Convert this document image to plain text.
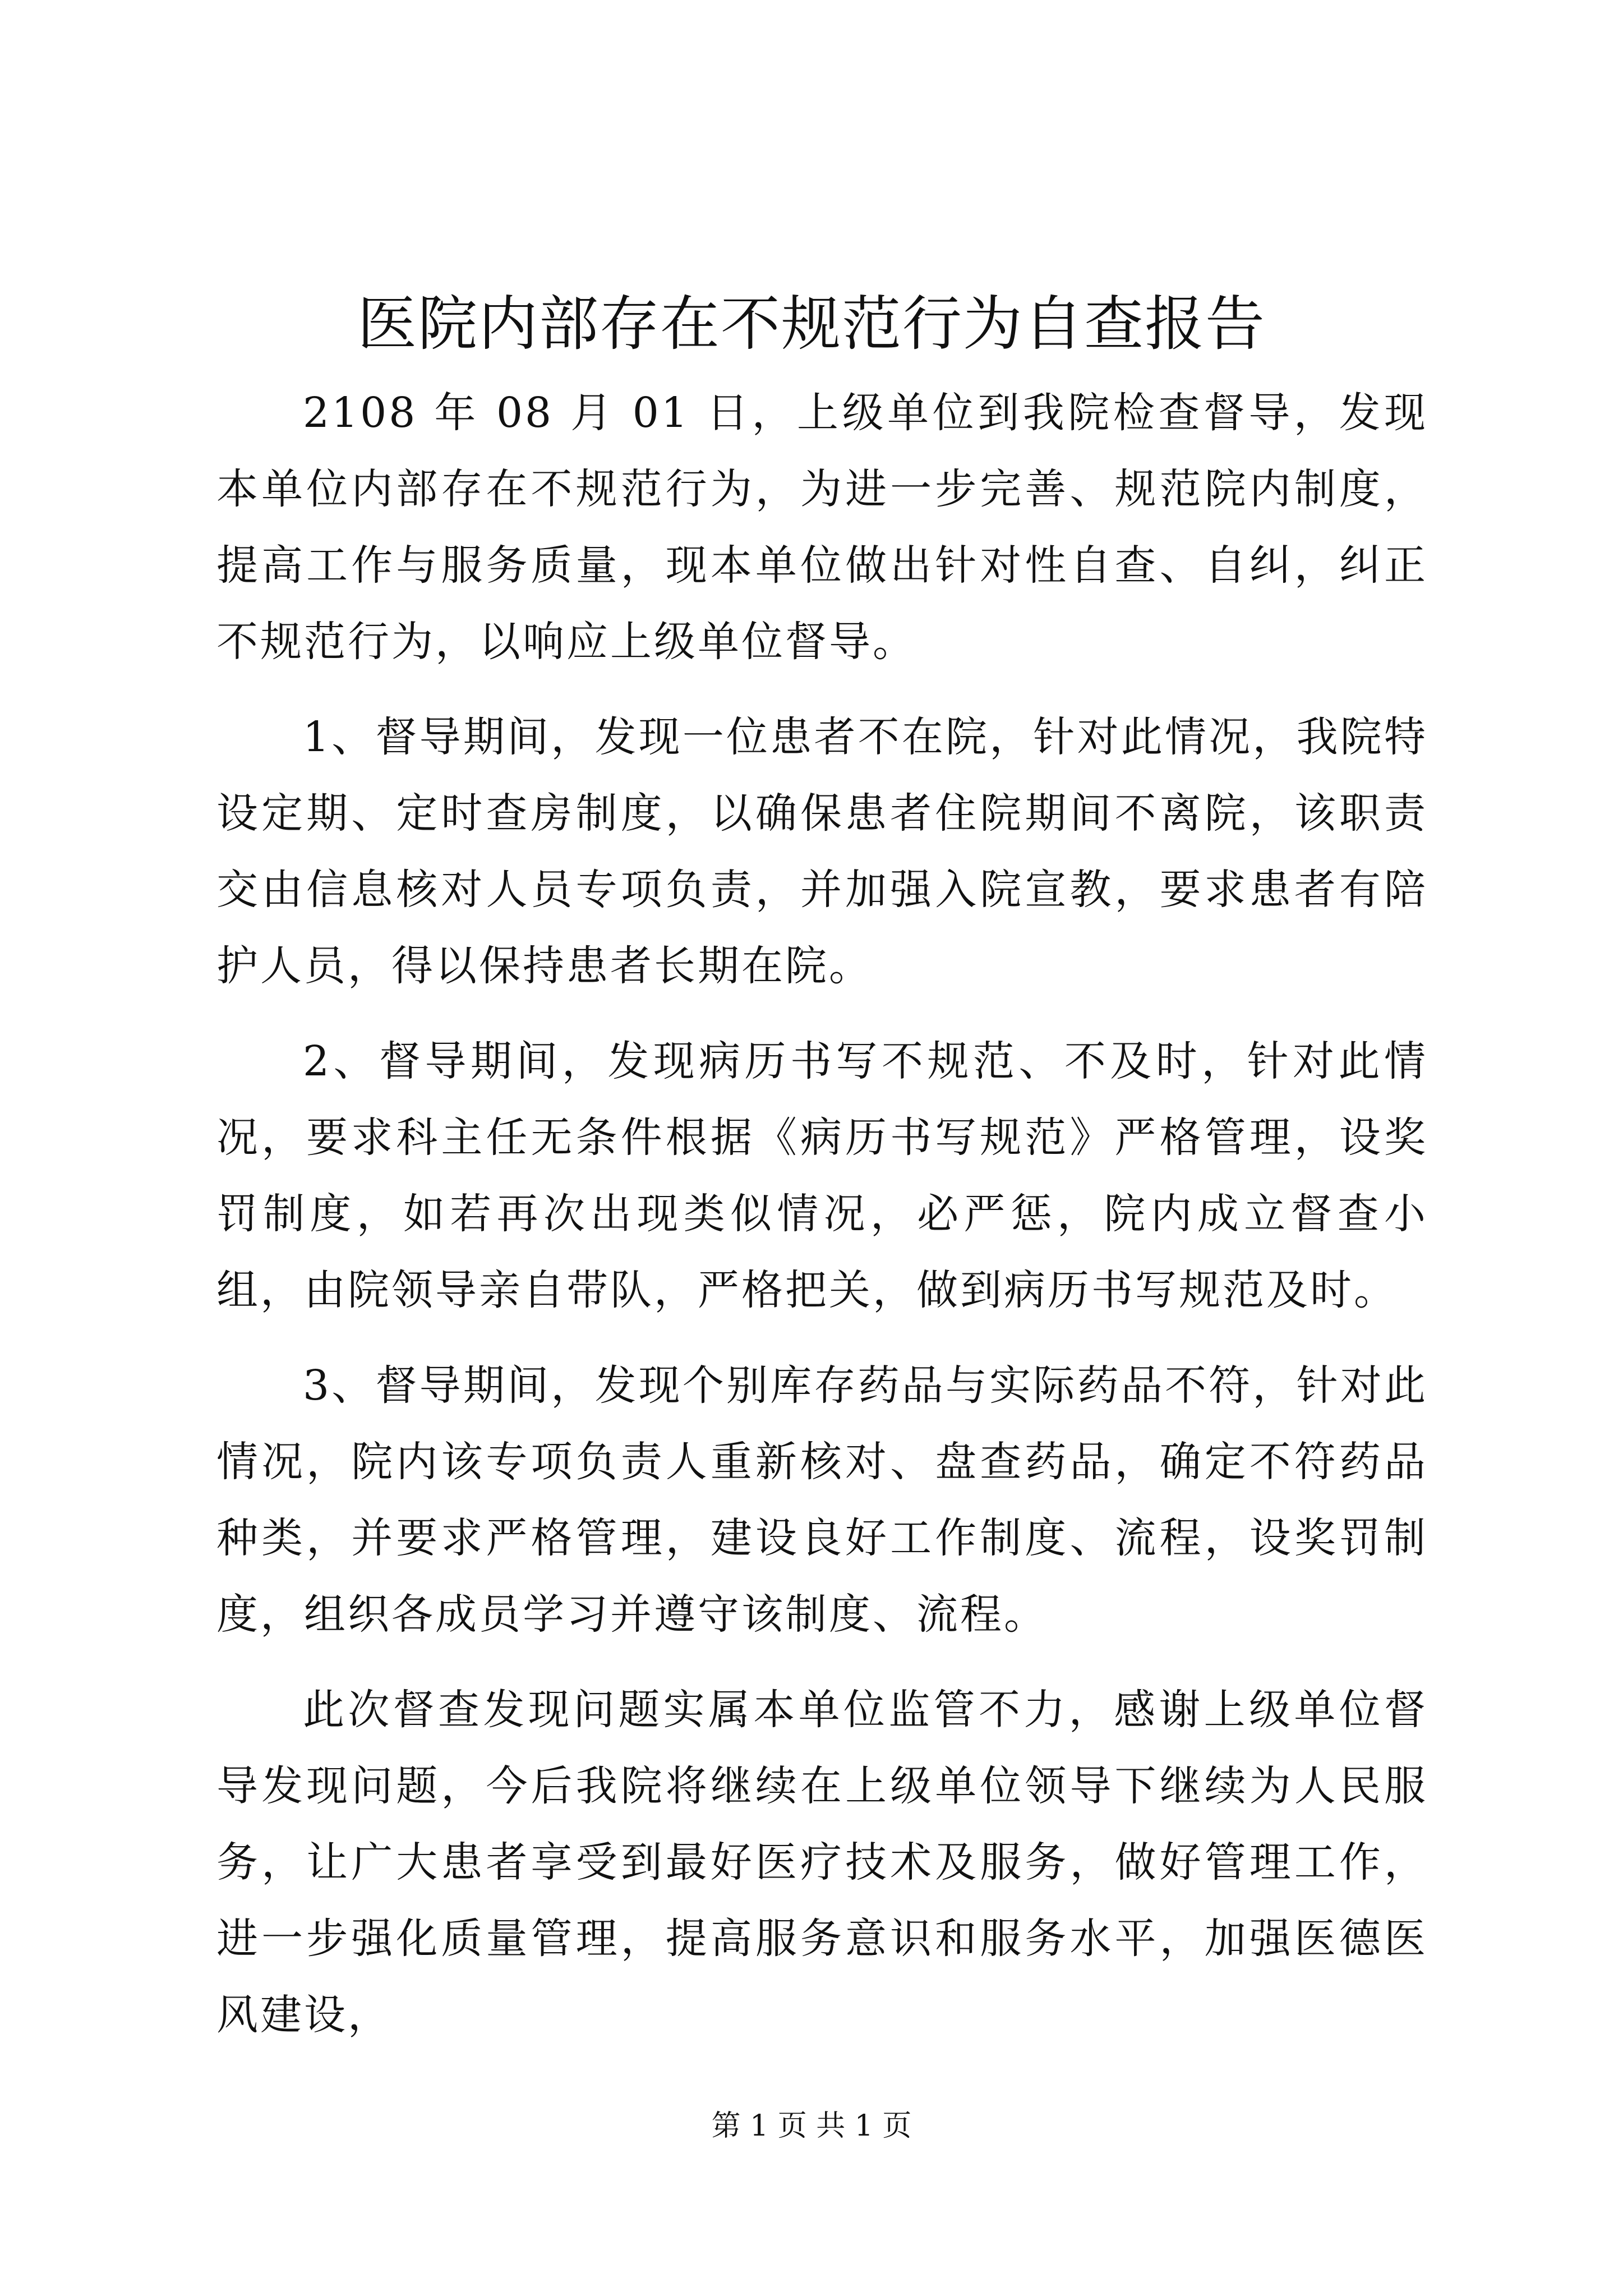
医院内部存在不规范行为自查报告

2108 年 08 月 01 日，上级单位到我院检查督导，发现本单位内部存在不规范行为，为进一步完善、规范院内制度，提高工作与服务质量，现本单位做出针对性自查、自纠，纠正不规范行为，以响应上级单位督导。

1、督导期间，发现一位患者不在院，针对此情况，我院特设定期、定时查房制度，以确保患者住院期间不离院，该职责交由信息核对人员专项负责，并加强入院宣教，要求患者有陪护人员，得以保持患者长期在院。

2、督导期间，发现病历书写不规范、不及时，针对此情况，要求科主任无条件根据《病历书写规范》严格管理，设奖罚制度，如若再次出现类似情况，必严惩，院内成立督查小组，由院领导亲自带队，严格把关，做到病历书写规范及时。

3、督导期间，发现个别库存药品与实际药品不符，针对此情况，院内该专项负责人重新核对、盘查药品，确定不符药品种类，并要求严格管理，建设良好工作制度、流程，设奖罚制度，组织各成员学习并遵守该制度、流程。

此次督查发现问题实属本单位监管不力，感谢上级单位督导发现问题，今后我院将继续在上级单位领导下继续为人民服务，让广大患者享受到最好医疗技术及服务，做好管理工作，进一步强化质量管理，提高服务意识和服务水平，加强医德医风建设，

第 1 页 共 1 页
